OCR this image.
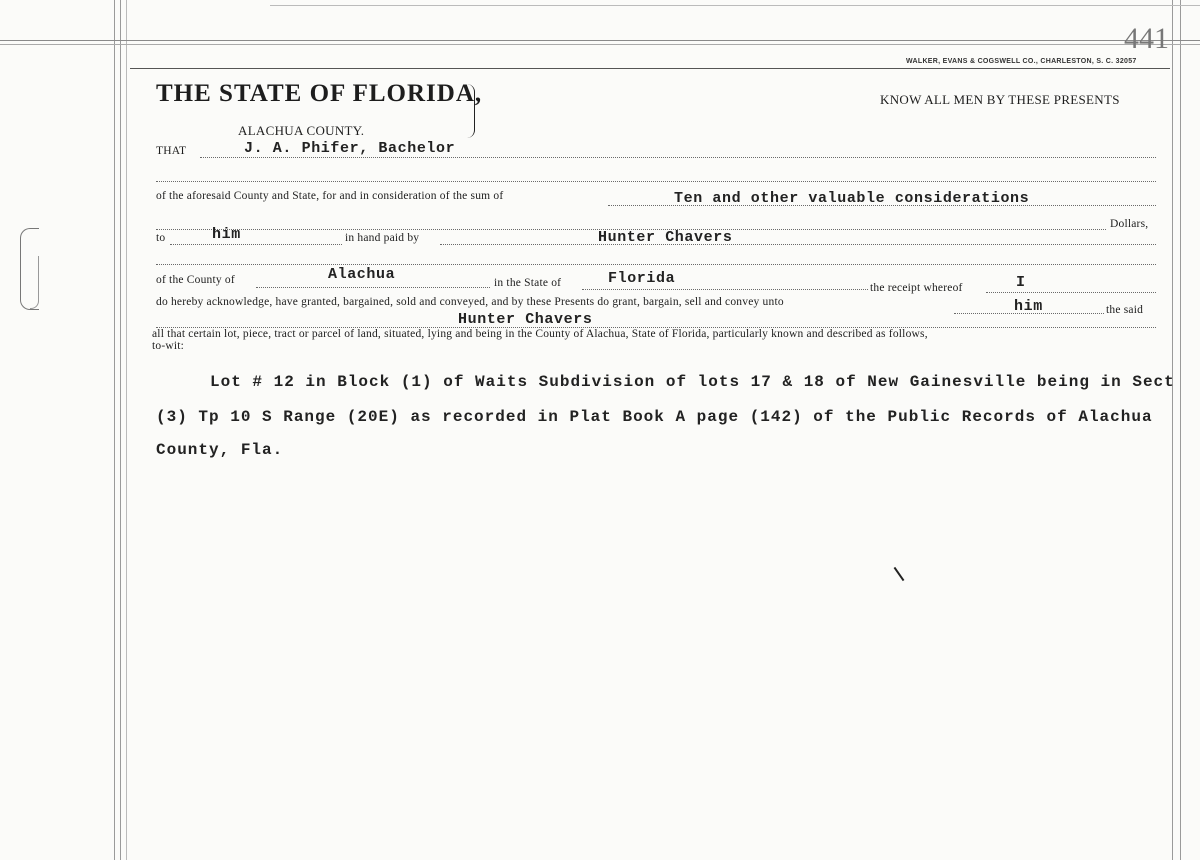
441
WALKER, EVANS & COGSWELL CO., CHARLESTON, S. C. 32057
THE STATE OF FLORIDA,	KNOW ALL MEN BY THESE PRESENTS
ALACHUA COUNTY.
THAT	J. A. Phifer, Bachelor
of the aforesaid County and State, for and in consideration of the sum of	Ten and other valuable considerations
Dollars,
to	him	in hand paid by	Hunter Chavers
of the County of	Alachua	in the State of	Florida
the receipt whereof	I
do hereby acknowledge, have granted, bargained, sold and conveyed, and by these Presents do grant, bargain, sell and convey unto	him	the said
Hunter Chavers
all that certain lot, piece, tract or parcel of land, situated, lying and being in the County of Alachua, State of Florida, particularly known and described as follows,
to-wit:
Lot # 12 in Block (1) of Waits Subdivision of lots 17 & 18 of New Gainesville being in Sect
(3) Tp 10 S Range (20E) as recorded in Plat Book A page (142) of the Public Records of Alachua
County, Fla.
